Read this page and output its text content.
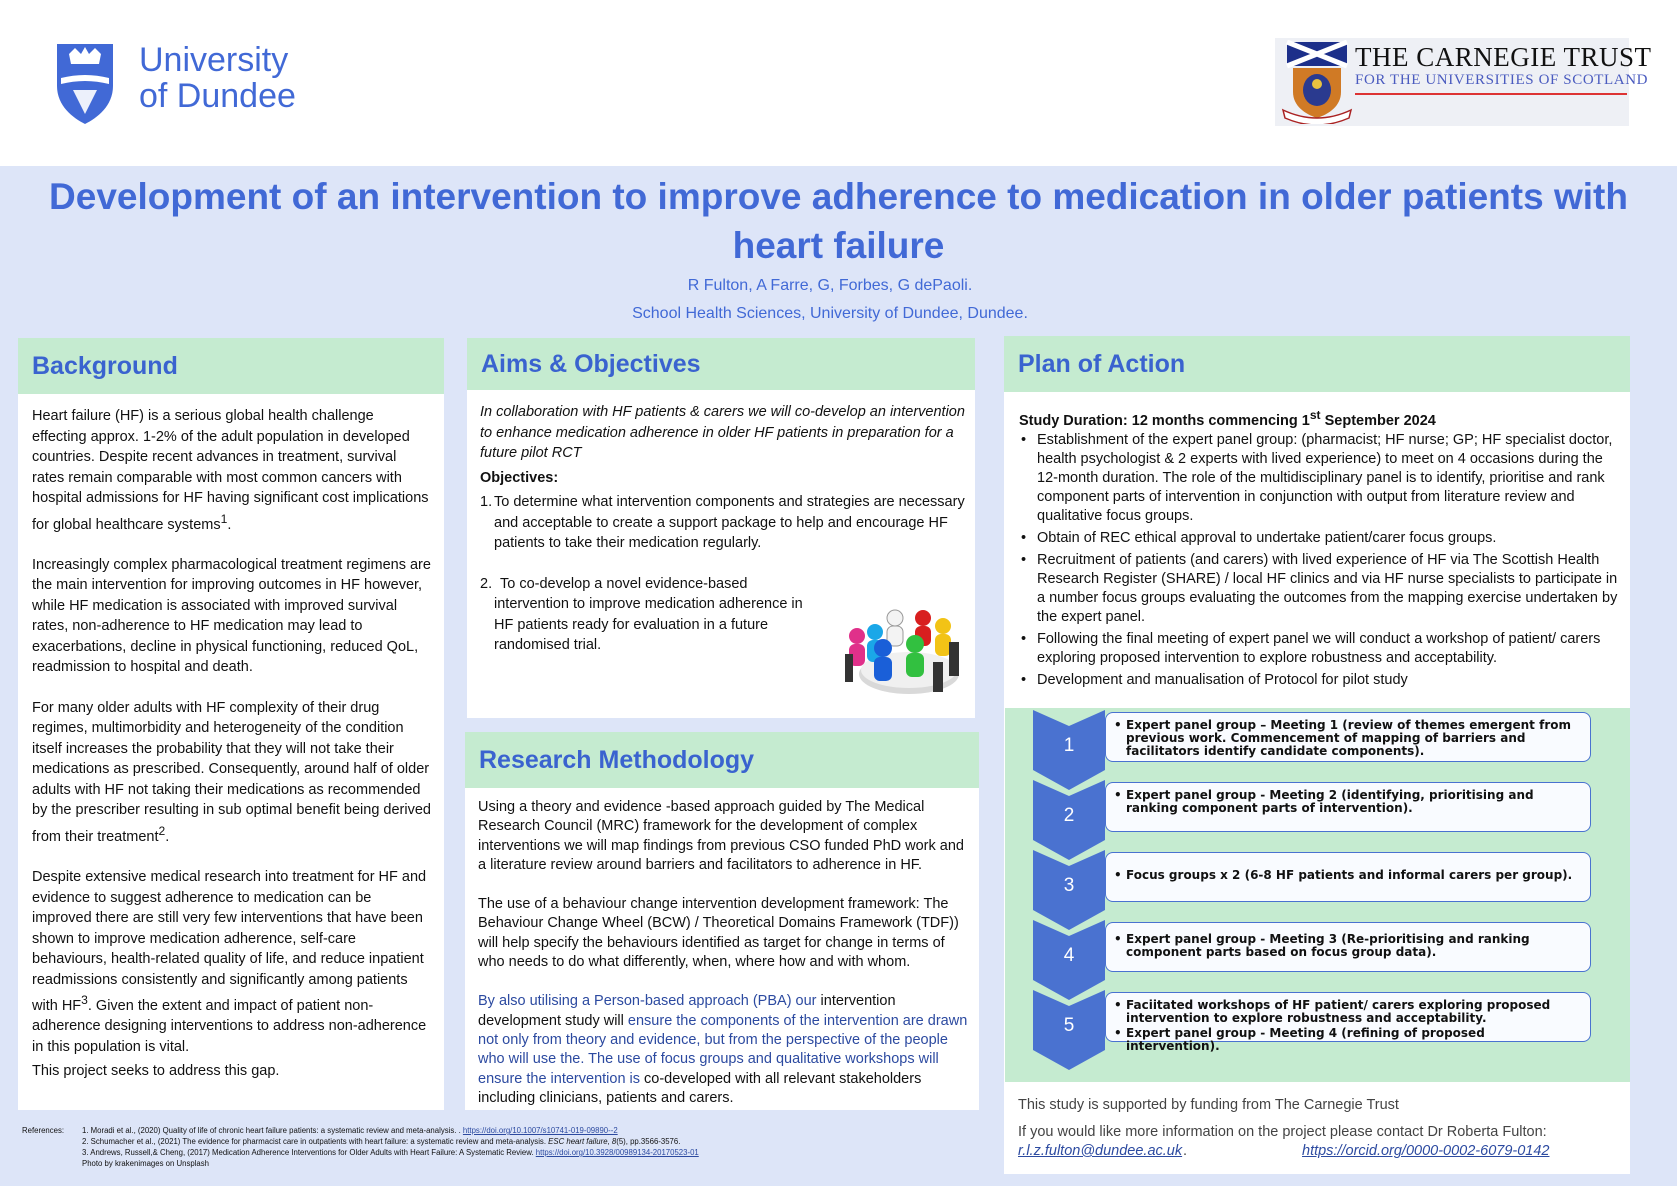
University
of Dundee
THE CARNEGIE TRUST
FOR THE UNIVERSITIES OF SCOTLAND
Development of an intervention to improve adherence to medication in older patients with heart failure
R Fulton, A Farre, G, Forbes, G dePaoli.
School Health Sciences, University of Dundee, Dundee.
Background

Heart failure (HF) is a serious global health challenge effecting approx. 1-2% of the adult population in developed countries. Despite recent advances in treatment, survival rates remain comparable with most common cancers with hospital admissions for HF having significant cost implications for global healthcare systems$^1$.

Increasingly complex pharmacological treatment regimens are the main intervention for improving outcomes in HF however, while HF medication is associated with improved survival rates, non-adherence to HF medication may lead to exacerbations, decline in physical functioning, reduced QoL, readmission to hospital and death.

For many older adults with HF complexity of their drug regimes, multimorbidity and heterogeneity of the condition itself increases the probability that they will not take their medications as prescribed. Consequently, around half of older adults with HF not taking their medications as recommended by the prescriber resulting in sub optimal benefit being derived from their treatment$^2$.

Despite extensive medical research into treatment for HF and evidence to suggest adherence to medication can be improved there are still very few interventions that have been shown to improve medication adherence, self-care behaviours, health-related quality of life, and reduce inpatient readmissions consistently and significantly among patients with $HF^3$. Given the extent and impact of patient non-adherence designing interventions to address non-adherence in this population is vital.

This project seeks to address this gap.

Aims & Objectives

In collaboration with HF patients & carers we will co-develop an intervention to enhance medication adherence in older HF patients in preparation for a future pilot RCT

Objectives:

1. To determine what intervention components and strategies are necessary and acceptable to create a support package to help and encourage HF patients to take their medication regularly.
2. To co-develop a novel evidence-based intervention to improve medication adherence in HF patients ready for evaluation in a future randomised trial.
Research Methodology

Using a theory and evidence -based approach guided by The Medical Research Council (MRC) framework for the development of complex interventions we will map findings from previous CSO funded PhD work and a literature review around barriers and facilitators to adherence in HF.

The use of a behaviour change intervention development framework: The Behaviour Change Wheel (BCW) / Theoretical Domains Framework (TDF)) will help specify the behaviours identified as target for change in terms of who needs to do what differently, when, where how and with whom.

By also utilising a Person-based approach (PBA) our intervention development study will ensure the components of the intervention are drawn not only from theory and evidence, but from the perspective of the people who will use the. The use of focus groups and qualitative workshops will ensure the intervention is co-developed with all relevant stakeholders including clinicians, patients and carers.

Plan of Action

Study Duration: 12 months commencing 1st September 2024

• Establishment of the expert panel group: (pharmacist; HF nurse; GP; HF specialist doctor, health psychologist & 2 experts with lived experience) to meet on 4 occasions during the 12-month duration. The role of the multidisciplinary panel is to identify, prioritise and rank component parts of intervention in conjunction with output from literature review and qualitative focus groups.
• Obtain of REC ethical approval to undertake patient/carer focus groups.
• Recruitment of patients (and carers) with lived experience of HF via The Scottish Health Research Register (SHARE) / local HF clinics and via HF nurse specialists to participate in a number focus groups evaluating the outcomes from the mapping exercise undertaken by the expert panel.
• Following the final meeting of expert panel we will conduct a workshop of patient/ carers exploring proposed intervention to explore robustness and acceptability.
• Development and manualisation of Protocol for pilot study
1
• Expert panel group – Meeting 1 (review of themes emergent from previous work. Commencement of mapping of barriers and facilitators identify candidate components).
2
• Expert panel group - Meeting 2 (identifying, prioritising and ranking component parts of intervention).
3
•	Focus groups x 2 (6-8 HF patients and informal carers per group).
4
• Expert panel group - Meeting 3 (Re-prioritising and ranking component parts based on focus group data).
5
• Faciitated workshops of HF patient/ carers exploring proposed intervention to explore robustness and acceptability.
• Expert panel group - Meeting 4 (refining of proposed intervention).
This study is supported by funding from The Carnegie Trust
If you would like more information on the project please contact Dr Roberta Fulton:
r.l.z.fulton@dundee.ac.uk .	https://orcid.org/0000-0002-6079-0142
References: 1. Moradi et al., (2020) Quality of life of chronic heart failure patients: a systematic review and meta-analysis. . https://doi.org/10.1007/s10741-019-09890--2
2. Schumacher et al., (2021) The evidence for pharmacist care in outpatients with heart failure: a systematic review and meta-analysis. ESC heart failure, 8(5), pp.3566-3576.
3. Andrews, Russell,& Cheng, (2017) Medication Adherence Interventions for Older Adults with Heart Failure: A Systematic Review. https://doi.org/10.3928/00989134-20170523-01
Photo by krakenimages on Unsplash
